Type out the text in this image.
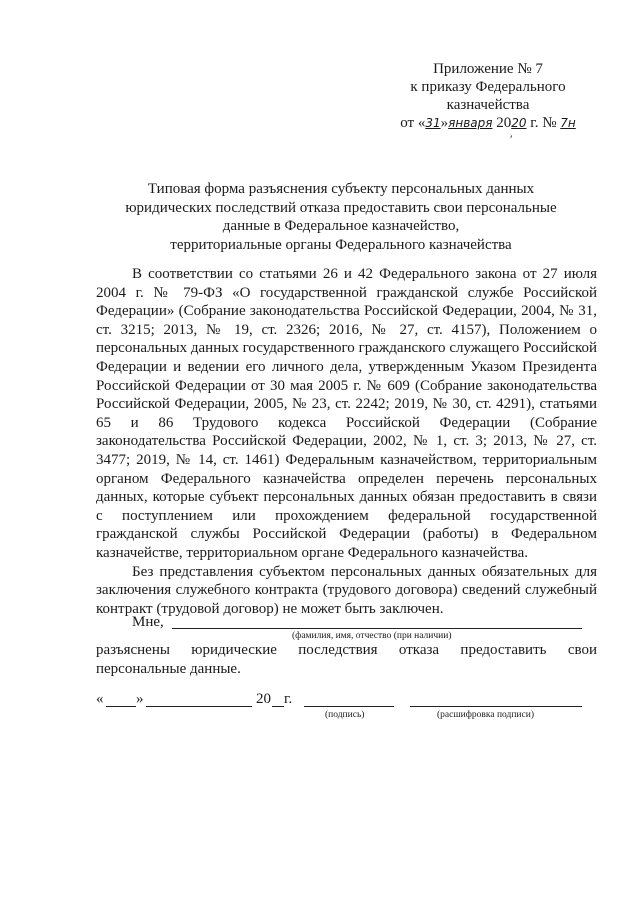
Приложение № 7
к приказу Федерального
казначейства
от «31»января 2020 г. № 7н
′
Типовая форма разъяснения субъекту персональных данных
юридических последствий отказа предоставить свои персональные
данные в Федеральное казначейство,
территориальные органы Федерального казначейства

В соответствии со статьями 26 и 42 Федерального закона от 27 июля 2004 г. № 79-ФЗ «О государственной гражданской службе Российской Федерации» (Собрание законодательства Российской Федерации, 2004, № 31, ст. 3215; 2013, № 19, ст. 2326; 2016, № 27, ст. 4157), Положением о персональных данных государственного гражданского служащего Российской Федерации и ведении его личного дела, утвержденным Указом Президента Российской Федерации от 30 мая 2005 г. № 609 (Собрание законодательства Российской Федерации, 2005, № 23, ст. 2242; 2019, № 30, ст. 4291), статьями 65 и 86 Трудового кодекса Российской Федерации (Собрание законодательства Российской Федерации, 2002, № 1, ст. 3; 2013, № 27, ст. 3477; 2019, № 14, ст. 1461) Федеральным казначейством, территориальным органом Федерального казначейства определен перечень персональных данных, которые субъект персональных данных обязан предоставить в связи с поступлением или прохождением федеральной государственной гражданской службы Российской Федерации (работы) в Федеральном казначействе, территориальном органе Федерального казначейства.

Без представления субъектом персональных данных обязательных для заключения служебного контракта (трудового договора) сведений служебный контракт (трудовой договор) не может быть заключен.

Мне,
(фамилия, имя, отчество (при наличии)
разъяснены юридические последствия отказа предоставить свои персональные данные.
« »	20 г.
(подпись)	(расшифровка подписи)
